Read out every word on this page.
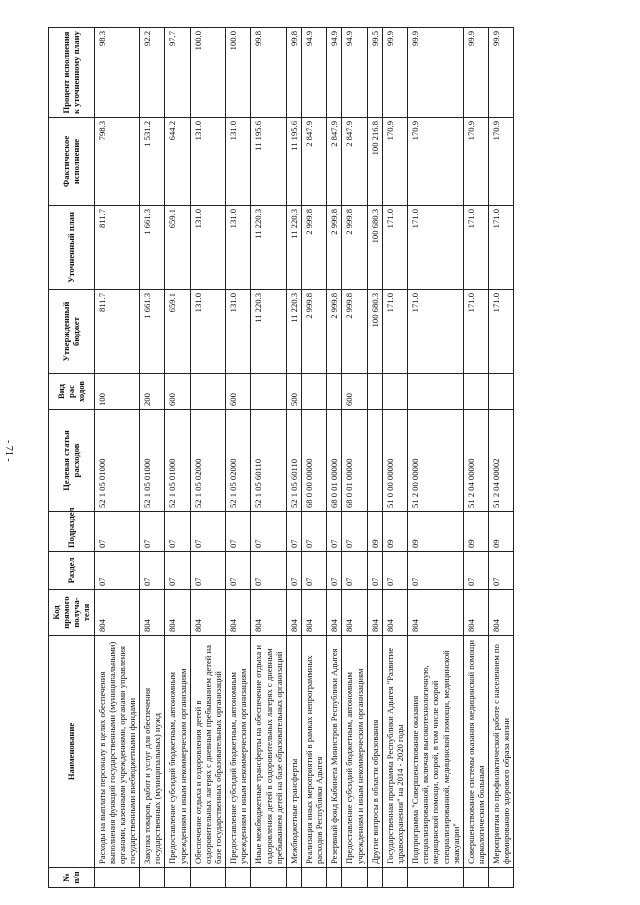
- 71 -
№ п/п	Наименование	Код прямого получа-теля	Раздел	Подраздел	Целевая статья расходов	Вид рас ходов	Утвержденный бюджет	Уточненный план	Фактическое исполнение	Процент исполнения к уточненному плану
	Расходы на выплаты персоналу в целях обеспечения выполнения функций государственными (муниципальными) органами, казенными учреждениями, органами управления государственными внебюджетными фондами	804	07	07	52 1 05 01000	100	811.7	811.7	798.3	98.3
	Закупка товаров, работ и услуг для обеспечения государственных (муниципальных) нужд	804	07	07	52 1 05 01000	200	1 661.3	1 661.3	1 531.2	92.2
	Предоставление субсидий бюджетным, автономным учреждениям и иным некоммерческим организациям	804	07	07	52 1 05 01000	600	659.1	659.1	644.2	97.7
	Обеспечение отдыха и оздоровления детей в оздоровительных лагерях с дневным пребыванием детей на базе государственных образовательных организаций	804	07	07	52 1 05 02000		131.0	131.0	131.0	100.0
	Предоставление субсидий бюджетным, автономным учреждениям и иным некоммерческим организациям	804	07	07	52 1 05 02000	600	131.0	131.0	131.0	100.0
	Иные межбюджетные трансферты на обеспечение отдыха и оздоровления детей в оздоровительных лагерях с дневным пребыванием детей на базе образовательных организаций	804	07	07	52 1 05 60110		11 220.3	11 220.3	11 195.6	99.8
	Межбюджетные трансферты	804	07	07	52 1 05 60110	500	11 220.3	11 220.3	11 195.6	99.8
	Реализация иных мероприятий в рамках непрограммных расходов Республики Адыгея	804	07	07	68 0 00 00000		2 999.8	2 999.8	2 847.9	94.9
	Резервный фонд Кабинета Министров Республики Адыгея	804	07	07	68 0 01 00000		2 999.8	2 999.8	2 847.9	94.9
	Предоставление субсидий бюджетным, автономным учреждениям и иным некоммерческим организациям	804	07	07	68 0 01 00000	600	2 999.8	2 999.8	2 847.9	94.9
	Другие вопросы в области образования	804	07	09			100 680.3	100 680.3	100 216.8	99.5
	Государственная программа Республики Адыгея "Развитие здравоохранения" на 2014 - 2020 годы	804	07	09	51 0 00 00000		171.0	171.0	170.9	99.9
	Подпрограмма "Совершенствование оказания специализированной, включая высокотехнологичную, медицинской помощи, скорой, в том числе скорой специализированной, медицинской помощи, медицинской эвакуации"	804	07	09	51 2 00 00000		171.0	171.0	170.9	99.9
	Совершенствование системы оказания медицинской помощи наркологическим больным	804	07	09	51 2 04 00000		171.0	171.0	170.9	99.9
	Мероприятия по профилактической работе с населением по формированию здорового образа жизни	804	07	09	51 2 04 00002		171.0	171.0	170.9	99.9
